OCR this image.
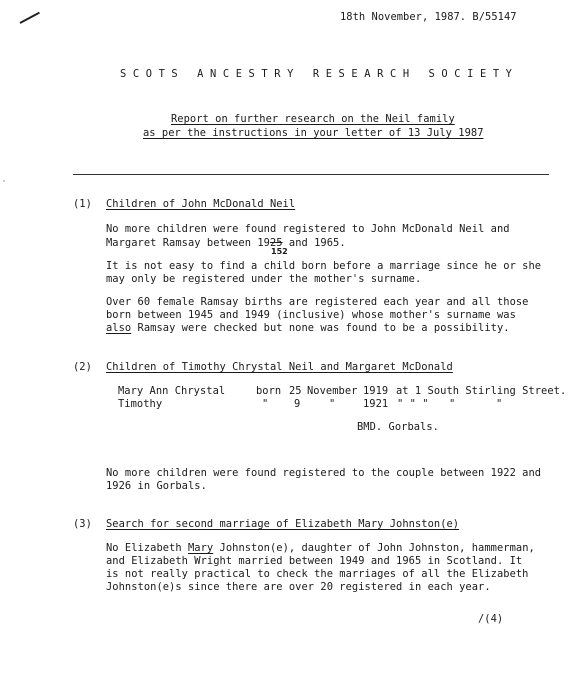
18th November, 1987. B/55147
SCOTS ANCESTRY RESEARCH SOCIETY
Report on further research on the Neil family
as per the instructions in your letter of 13 July 1987
(1) Children of John McDonald Neil
No more children were found registered to John McDonald Neil and
Margaret Ramsay between 1925
152
and 1965.
It is not easy to find a child born before a marriage since he or she
may only be registered under the mother's surname.
Over 60 female Ramsay births are registered each year and all those
born between 1945 and 1949 (inclusive) whose mother's surname was
also Ramsay were checked but none was found to be a possibility.
(2) Children of Timothy Chrystal Neil and Margaret McDonald
Mary Ann Chrystal	born 25 November 1919 at 1 South Stirling Street.
Timothy	" 9	"	1921 " " " "	"
BMD. Gorbals.
No more children were found registered to the couple between 1922 and
1926 in Gorbals.
(3) Search for second marriage of Elizabeth Mary Johnston(e)
No Elizabeth Mary Johnston(e), daughter of John Johnston, hammerman,
and Elizabeth Wright married between 1949 and 1965 in Scotland. It
is not really practical to check the marriages of all the Elizabeth
Johnston(e)s since there are over 20 registered in each year.
/(4)
